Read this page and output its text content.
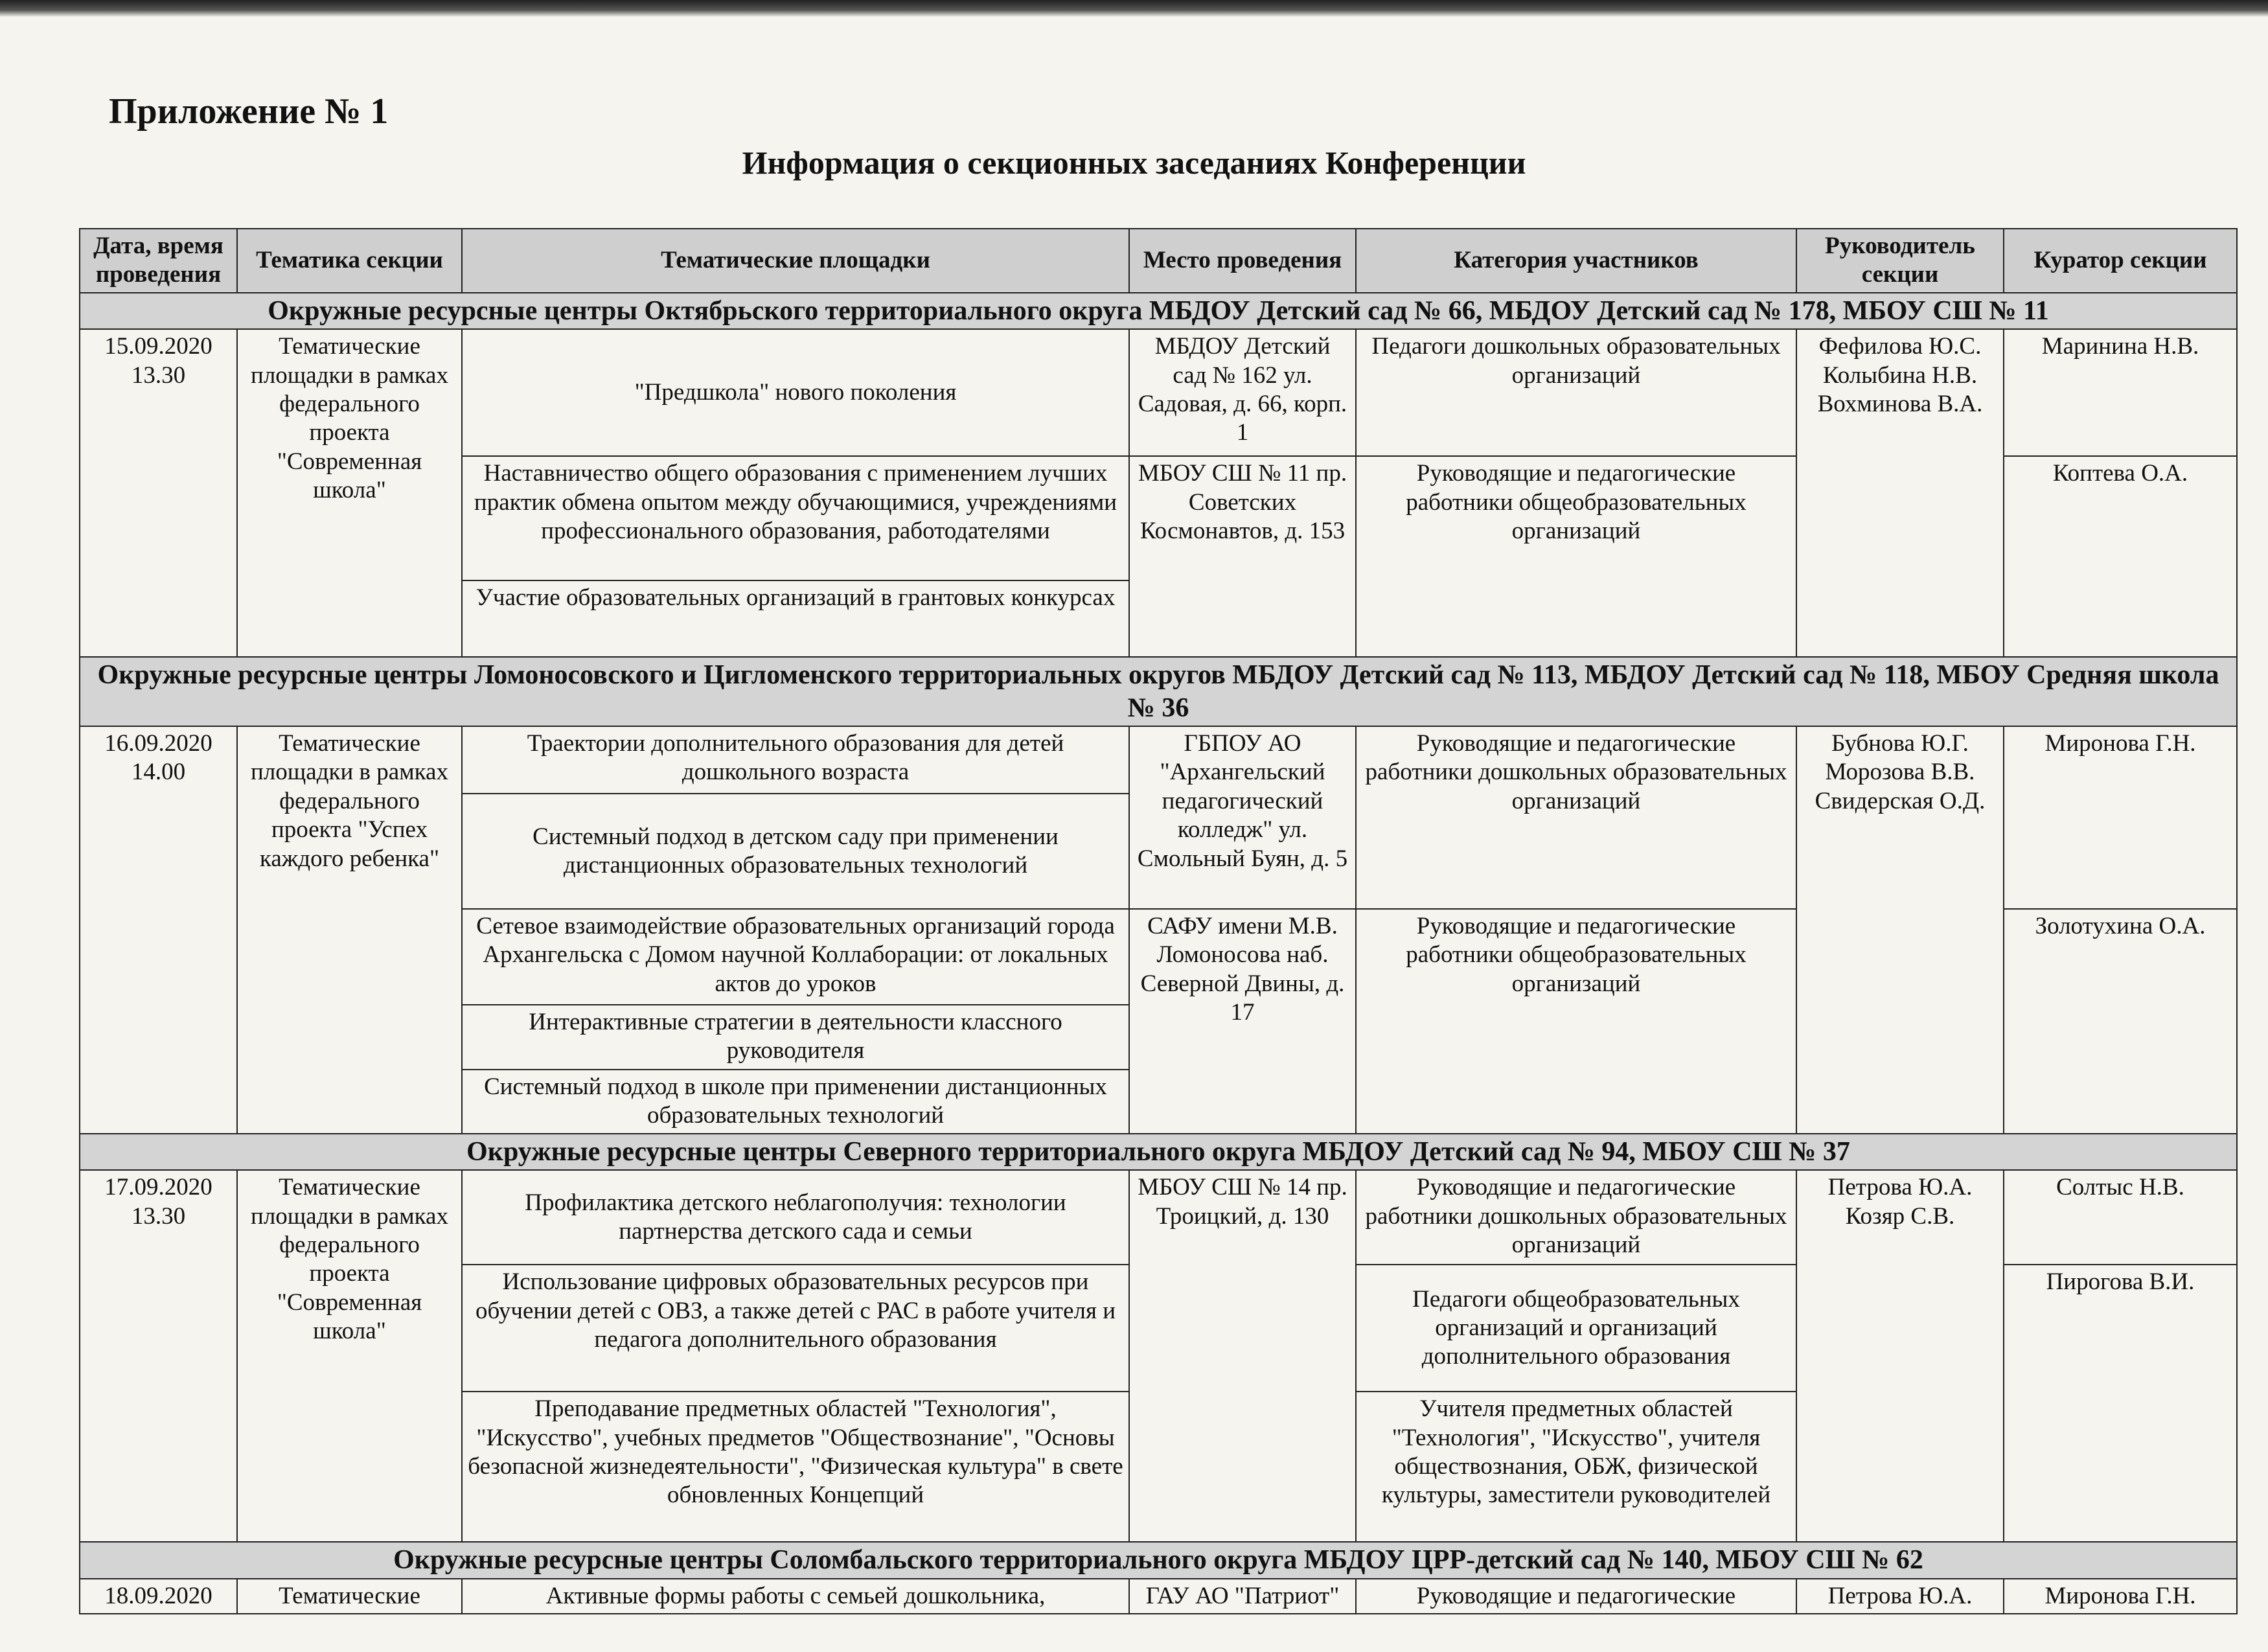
Приложение № 1
Информация о секционных заседаниях Конференции
Дата, время проведения	Тематика секции	Тематические площадки	Место проведения	Категория участников	Руководитель секции	Куратор секции
Окружные ресурсные центры Октябрьского территориального округа МБДОУ Детский сад № 66, МБДОУ Детский сад № 178, МБОУ СШ № 11						
15.09.2020 13.30	Тематические площадки в рамках федерального проекта "Современная школа"	"Предшкола" нового поколения	МБДОУ Детский сад № 162 ул. Садовая, д. 66, корп. 1	Педагоги дошкольных образовательных организаций	Фефилова Ю.С. Колыбина Н.В. Вохминова В.А.	Маринина Н.В.
		Наставничество общего образования с применением лучших практик обмена опытом между обучающимися, учреждениями профессионального образования, работодателями	МБОУ СШ № 11 пр. Советских Космонавтов, д. 153	Руководящие и педагогические работники общеобразовательных организаций		Коптева О.А.
		Участие образовательных организаций в грантовых конкурсах				
Окружные ресурсные центры Ломоносовского и Цигломенского территориальных округов МБДОУ Детский сад № 113, МБДОУ Детский сад № 118, МБОУ Средняя школа № 36						
16.09.2020 14.00	Тематические площадки в рамках федерального проекта "Успех каждого ребенка"	Траектории дополнительного образования для детей дошкольного возраста	ГБПОУ АО "Архангельский педагогический колледж" ул. Смольный Буян, д. 5	Руководящие и педагогические работники дошкольных образовательных организаций	Бубнова Ю.Г. Морозова В.В. Свидерская О.Д.	Миронова Г.Н.
		Системный подход в детском саду при применении дистанционных образовательных технологий				
		Сетевое взаимодействие образовательных организаций города Архангельска с Домом научной Коллаборации: от локальных актов до уроков	САФУ имени М.В. Ломоносова наб. Северной Двины, д. 17	Руководящие и педагогические работники общеобразовательных организаций		Золотухина О.А.
		Интерактивные стратегии в деятельности классного руководителя				
		Системный подход в школе при применении дистанционных образовательных технологий				
Окружные ресурсные центры Северного территориального округа МБДОУ Детский сад № 94, МБОУ СШ № 37						
17.09.2020 13.30	Тематические площадки в рамках федерального проекта "Современная школа"	Профилактика детского неблагополучия: технологии партнерства детского сада и семьи	МБОУ СШ № 14 пр. Троицкий, д. 130	Руководящие и педагогические работники дошкольных образовательных организаций	Петрова Ю.А. Козяр С.В.	Солтыс Н.В.
		Использование цифровых образовательных ресурсов при обучении детей с ОВЗ, а также детей с РАС в работе учителя и педагога дополнительного образования		Педагоги общеобразовательных организаций и организаций дополнительного образования		Пирогова В.И.
		Преподавание предметных областей "Технология", "Искусство", учебных предметов "Обществознание", "Основы безопасной жизнедеятельности", "Физическая культура" в свете обновленных Концепций		Учителя предметных областей "Технология", "Искусство", учителя обществознания, ОБЖ, физической культуры, заместители руководителей		
Окружные ресурсные центры Соломбальского территориального округа МБДОУ ЦРР-детский сад № 140, МБОУ СШ № 62						
18.09.2020	Тематические	Активные формы работы с семьей дошкольника,	ГАУ АО "Патриот"	Руководящие и педагогические	Петрова Ю.А.	Миронова Г.Н.
